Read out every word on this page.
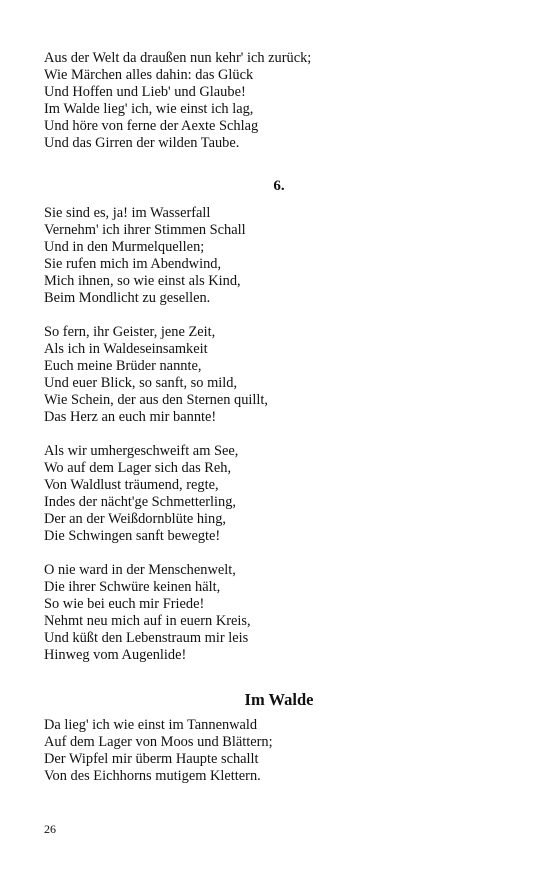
Aus der Welt da draußen nun kehr' ich zurück;
Wie Märchen alles dahin: das Glück
Und Hoffen und Lieb' und Glaube!
Im Walde lieg' ich, wie einst ich lag,
Und höre von ferne der Aexte Schlag
Und das Girren der wilden Taube.
6.
Sie sind es, ja! im Wasserfall
Vernehm' ich ihrer Stimmen Schall
Und in den Murmelquellen;
Sie rufen mich im Abendwind,
Mich ihnen, so wie einst als Kind,
Beim Mondlicht zu gesellen.
So fern, ihr Geister, jene Zeit,
Als ich in Waldeseinsamkeit
Euch meine Brüder nannte,
Und euer Blick, so sanft, so mild,
Wie Schein, der aus den Sternen quillt,
Das Herz an euch mir bannte!
Als wir umhergeschweift am See,
Wo auf dem Lager sich das Reh,
Von Waldlust träumend, regte,
Indes der nächt'ge Schmetterling,
Der an der Weißdornblüte hing,
Die Schwingen sanft bewegte!
O nie ward in der Menschenwelt,
Die ihrer Schwüre keinen hält,
So wie bei euch mir Friede!
Nehmt neu mich auf in euern Kreis,
Und küßt den Lebenstraum mir leis
Hinweg vom Augenlide!
Im Walde
Da lieg' ich wie einst im Tannenwald
Auf dem Lager von Moos und Blättern;
Der Wipfel mir überm Haupte schallt
Von des Eichhorns mutigem Klettern.
26
